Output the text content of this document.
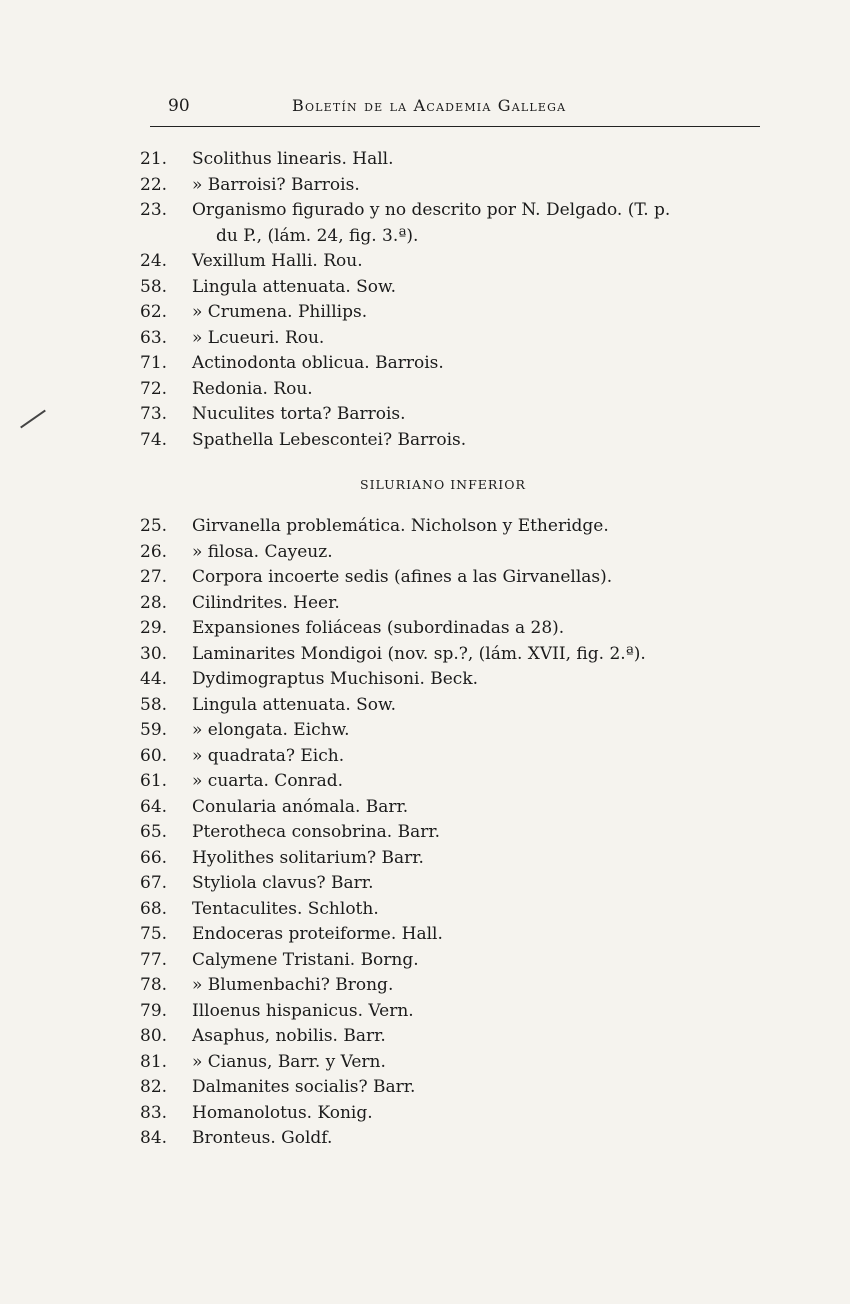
90	Boletín de la Academia Gallega
21.	Scolithus linearis. Hall.
22.	» Barroisi? Barrois.
23.	Organismo figurado y no descrito por N. Delgado. (T. p.
du P., (lám. 24, fig. 3.ª).
24.	Vexillum Halli. Rou.
58.	Lingula attenuata. Sow.
62.	» Crumena. Phillips.
63.	» Lcueuri. Rou.
71.	Actinodonta oblicua. Barrois.
72.	Redonia. Rou.
73.	Nuculites torta? Barrois.
74.	Spathella Lebescontei? Barrois.
SILURIANO INFERIOR
25.	Girvanella problemática. Nicholson y Etheridge.
26.	» filosa. Cayeuz.
27.	Corpora incoerte sedis (afines a las Girvanellas).
28.	Cilindrites. Heer.
29.	Expansiones foliáceas (subordinadas a 28).
30.	Laminarites Mondigoi (nov. sp.?, (lám. XVII, fig. 2.ª).
44.	Dydimograptus Muchisoni. Beck.
58.	Lingula attenuata. Sow.
59.	» elongata. Eichw.
60.	» quadrata? Eich.
61.	» cuarta. Conrad.
64.	Conularia anómala. Barr.
65.	Pterotheca consobrina. Barr.
66.	Hyolithes solitarium? Barr.
67.	Styliola clavus? Barr.
68.	Tentaculites. Schloth.
75.	Endoceras proteiforme. Hall.
77.	Calymene Tristani. Borng.
78.	» Blumenbachi? Brong.
79.	Illoenus hispanicus. Vern.
80.	Asaphus, nobilis. Barr.
81.	» Cianus, Barr. y Vern.
82.	Dalmanites socialis? Barr.
83.	Homanolotus. Konig.
84.	Bronteus. Goldf.
